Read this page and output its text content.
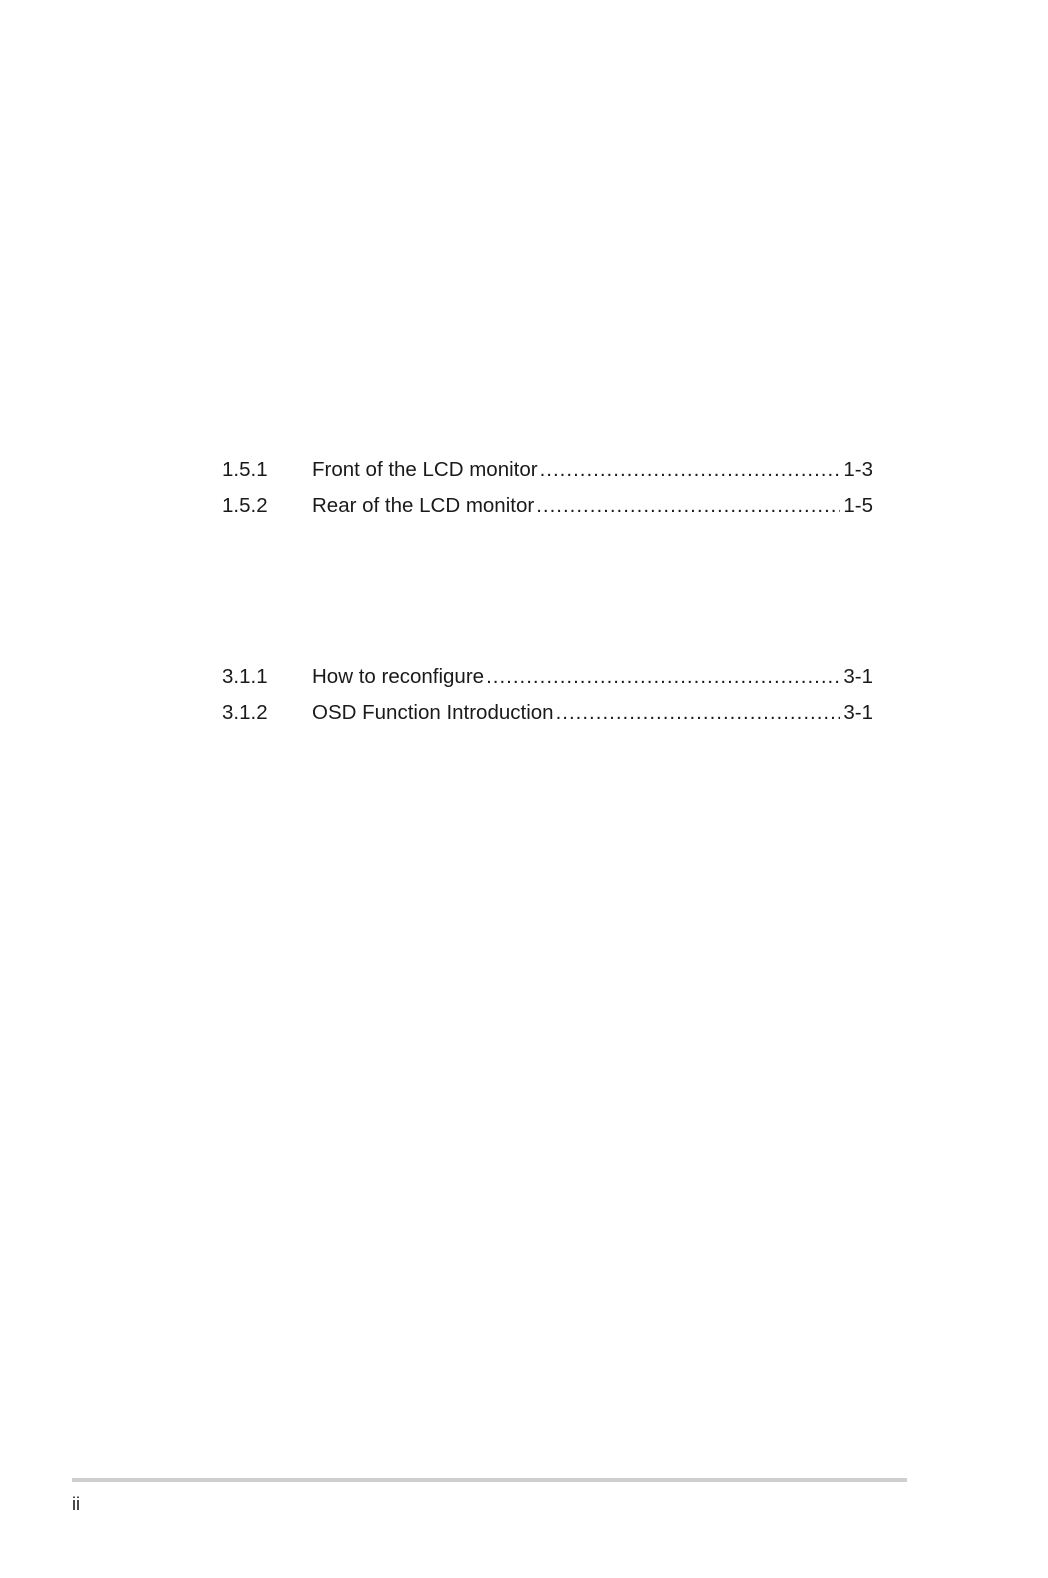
1.5.1	Front of the LCD monitor .....	1-3
1.5.2	Rear of the LCD monitor .....	1-5
3.1.1	How to reconfigure .....	3-1
3.1.2	OSD Function Introduction .....	3-1
ii
